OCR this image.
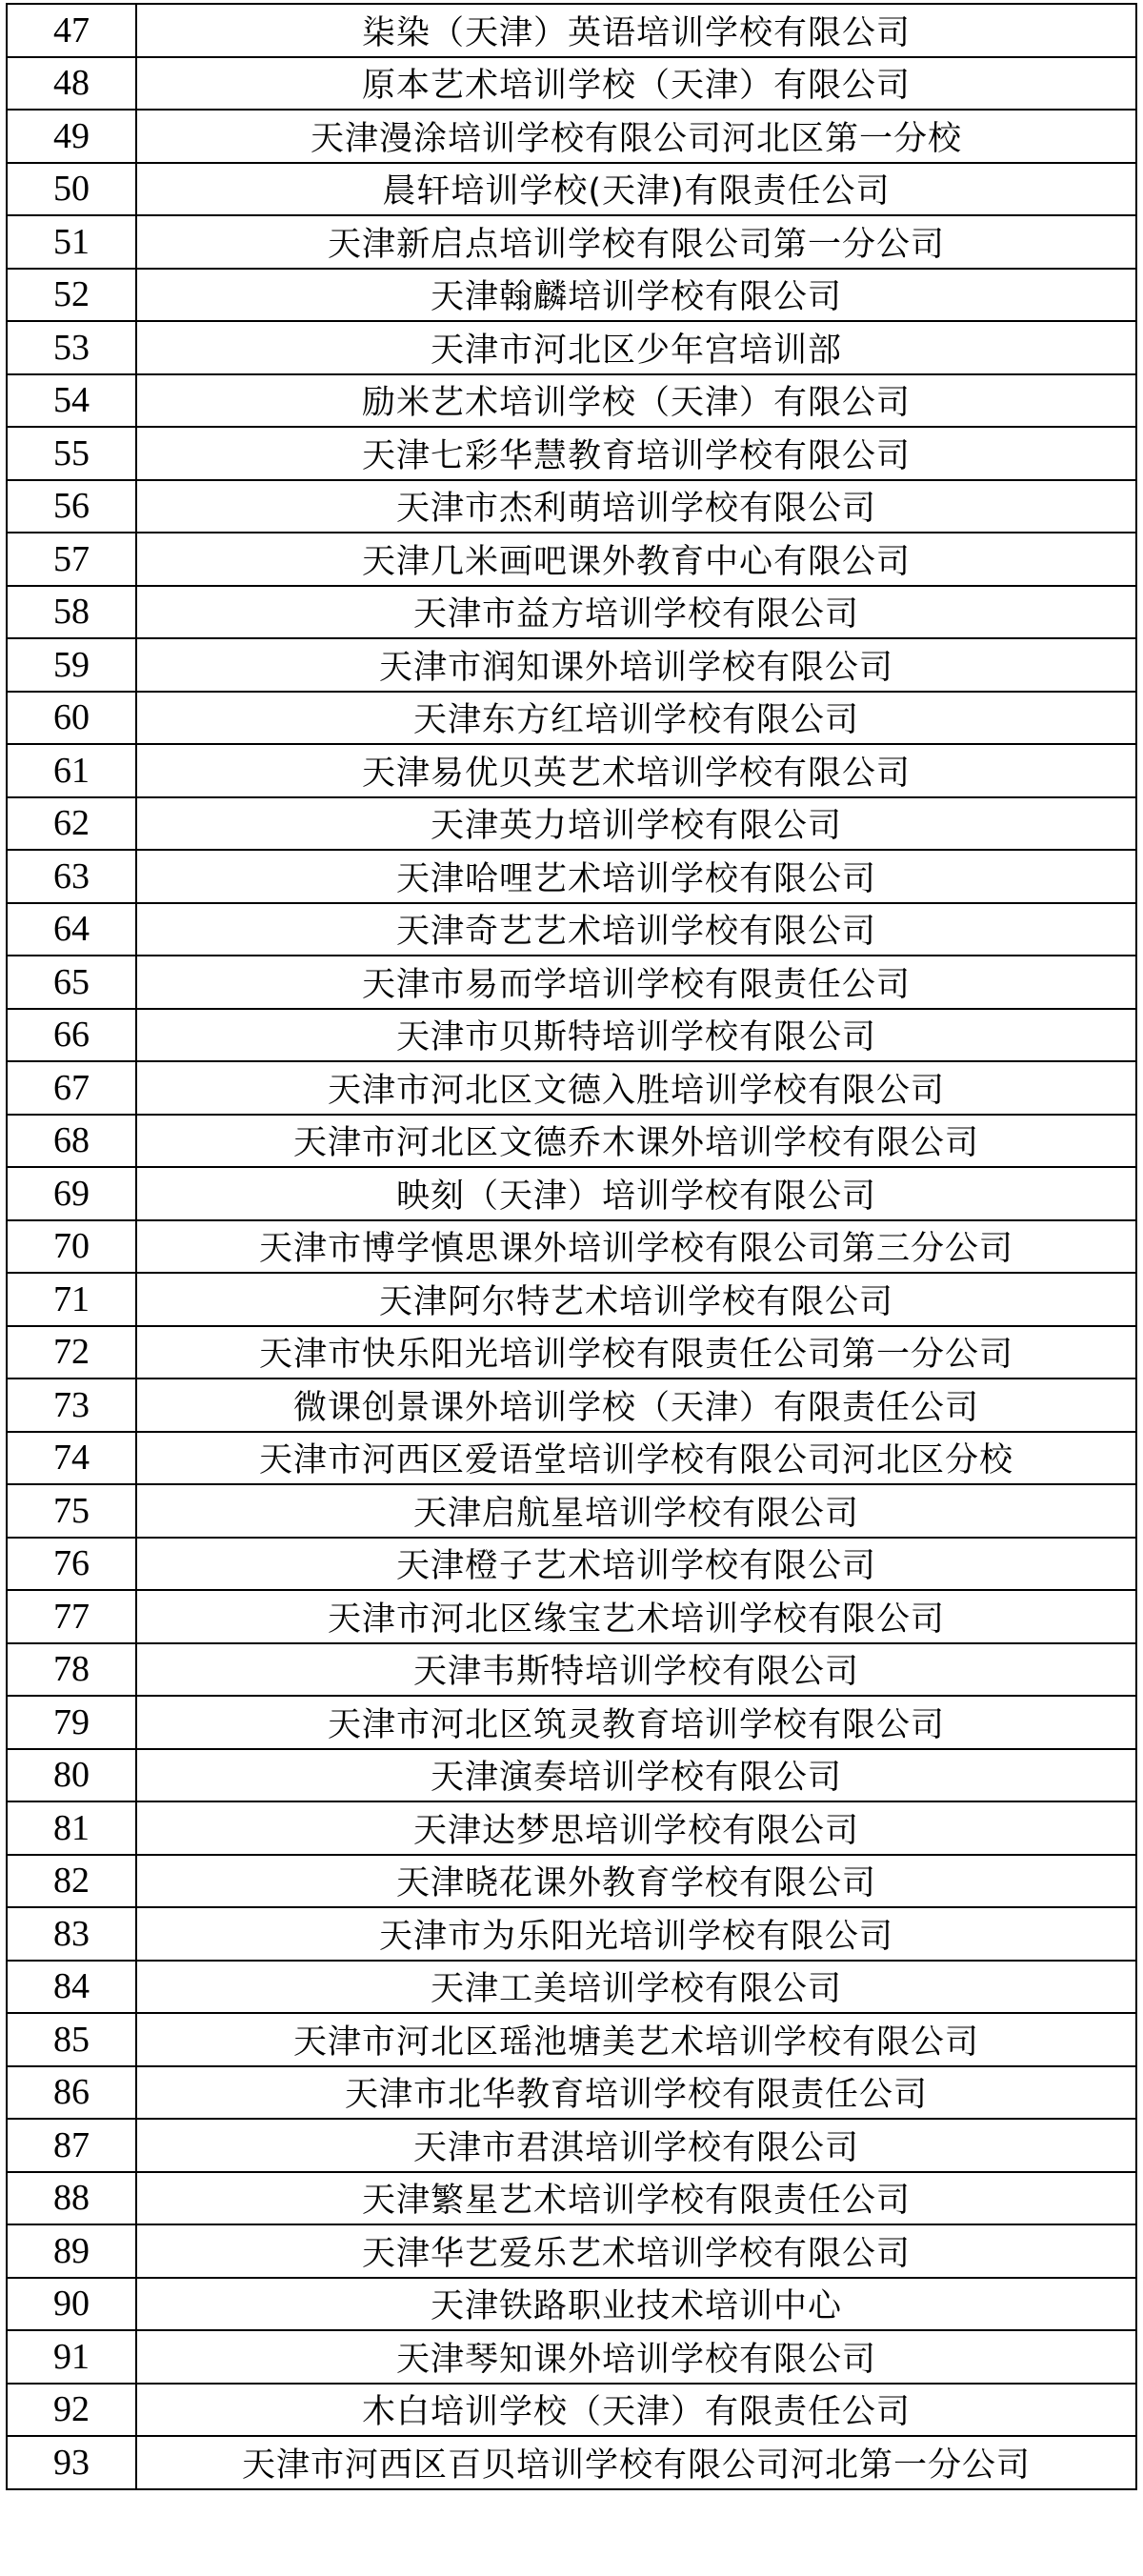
47	柒染（天津）英语培训学校有限公司
48	原本艺术培训学校（天津）有限公司
49	天津漫涂培训学校有限公司河北区第一分校
50	晨轩培训学校(天津)有限责任公司
51	天津新启点培训学校有限公司第一分公司
52	天津翰麟培训学校有限公司
53	天津市河北区少年宫培训部
54	励米艺术培训学校（天津）有限公司
55	天津七彩华慧教育培训学校有限公司
56	天津市杰利萌培训学校有限公司
57	天津几米画吧课外教育中心有限公司
58	天津市益方培训学校有限公司
59	天津市润知课外培训学校有限公司
60	天津东方红培训学校有限公司
61	天津易优贝英艺术培训学校有限公司
62	天津英力培训学校有限公司
63	天津哈哩艺术培训学校有限公司
64	天津奇艺艺术培训学校有限公司
65	天津市易而学培训学校有限责任公司
66	天津市贝斯特培训学校有限公司
67	天津市河北区文德入胜培训学校有限公司
68	天津市河北区文德乔木课外培训学校有限公司
69	映刻（天津）培训学校有限公司
70	天津市博学慎思课外培训学校有限公司第三分公司
71	天津阿尔特艺术培训学校有限公司
72	天津市快乐阳光培训学校有限责任公司第一分公司
73	微课创景课外培训学校（天津）有限责任公司
74	天津市河西区爱语堂培训学校有限公司河北区分校
75	天津启航星培训学校有限公司
76	天津橙子艺术培训学校有限公司
77	天津市河北区缘宝艺术培训学校有限公司
78	天津韦斯特培训学校有限公司
79	天津市河北区筑灵教育培训学校有限公司
80	天津演奏培训学校有限公司
81	天津达梦思培训学校有限公司
82	天津晓花课外教育学校有限公司
83	天津市为乐阳光培训学校有限公司
84	天津工美培训学校有限公司
85	天津市河北区瑶池塘美艺术培训学校有限公司
86	天津市北华教育培训学校有限责任公司
87	天津市君淇培训学校有限公司
88	天津繁星艺术培训学校有限责任公司
89	天津华艺爱乐艺术培训学校有限公司
90	天津铁路职业技术培训中心
91	天津琴知课外培训学校有限公司
92	木白培训学校（天津）有限责任公司
93	天津市河西区百贝培训学校有限公司河北第一分公司
